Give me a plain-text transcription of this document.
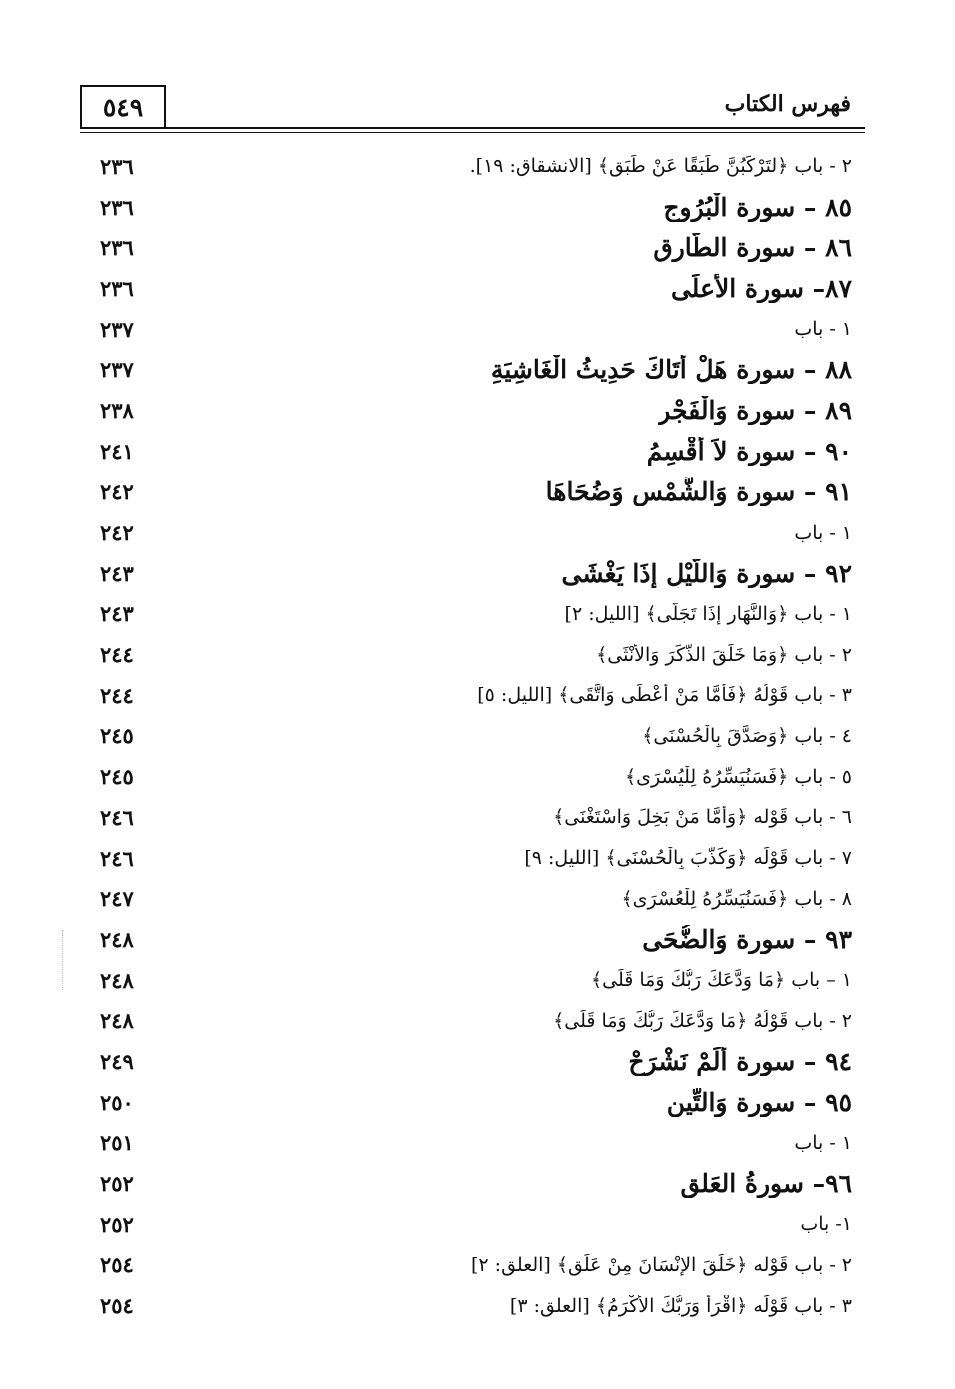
٥٤٩	فهرس الكتاب
٢ - باب ﴿لتَرْكَبُنَّ طَبَقًا عَنْ طَبَقٍ﴾ [الانشقاق: ١٩].
٢٣٦
٨٥ – سورة الْبُرُوجِ
٢٣٦
٨٦ – سورة الطَّارِقِ
٢٣٦
٨٧– سورة الأعلَى
٢٣٦
١ - باب
٢٣٧
٨٨ – سورة هَلْ أَتَاكَ حَدِيثُ الْغَاشِيَةِ
٢٣٧
٨٩ – سورة وَالْفَجْرِ
٢٣٨
٩٠ – سورة لاَ أُقْسِمُ
٢٤١
٩١ – سورة وَالشَّمْسِ وَضُحَاهَا
٢٤٢
١ - باب
٢٤٢
٩٢ – سورة وَاللَّيْلِ إِذَا يَغْشَى
٢٤٣
١ - باب ﴿وَالنَّهَارِ إِذَا تَجَلَّى﴾ [الليل: ٢]
٢٤٣
٢ - باب ﴿وَمَا خَلَقَ الذَّكَرَ وَالأُنْثَى﴾
٢٤٤
٣ - باب قَوْلُهُ ﴿فَأَمَّا مَنْ أَعْطَى وَاتَّقَى﴾ [الليل: ٥]
٢٤٤
٤ - باب ﴿وَصَدَّقَ بِالْحُسْنَى﴾
٢٤٥
٥ - باب ﴿فَسَنُيَسِّرُهُ لِلْيُسْرَى﴾
٢٤٥
٦ - باب قَوْله ﴿وَأَمَّا مَنْ بَخِلَ وَاسْتَغْنَى﴾
٢٤٦
٧ - باب قَوْلَه ﴿وَكَذَّبَ بِالْحُسْنَى﴾ [الليل: ٩]
٢٤٦
٨ - باب ﴿فَسَنُيَسِّرُهُ لِلْعُسْرَى﴾
٢٤٧
٩٣ – سورة وَالضُّحَى
٢٤٨
١ – باب ﴿مَا وَدَّعَكَ رَبُّكَ وَمَا قَلَى﴾
٢٤٨
٢ - باب قَوْلُهُ ﴿مَا وَدَّعَكَ رَبُّكَ وَمَا قَلَى﴾
٢٤٨
٩٤ – سورة أَلَمْ نَشْرَحْ
٢٤٩
٩٥ – سورة وَالتِّينِ
٢٥٠
١ - باب
٢٥١
٩٦– سورةُ العَلق
٢٥٢
١- باب
٢٥٢
٢ - باب قَوْله ﴿خَلَقَ الإِنْسَانَ مِنْ عَلَقٍ﴾ [العلق: ٢]
٢٥٤
٣ - باب قَوْلَه ﴿اقْرَأْ وَرَبُّكَ الأَكْرَمُ﴾ [العلق: ٣]
٢٥٤
